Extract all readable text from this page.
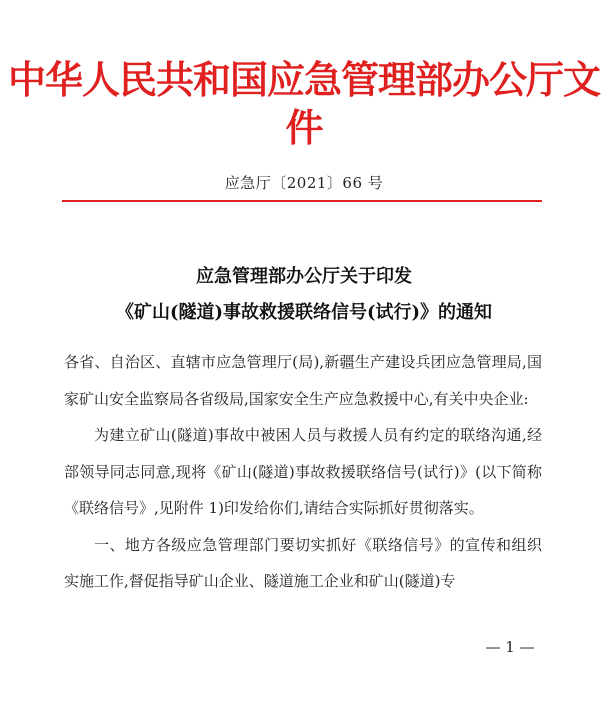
中华人民共和国应急管理部办公厅文件
应急厅〔2021〕66 号
应急管理部办公厅关于印发
《矿山(隧道)事故救援联络信号(试行)》的通知

各省、自治区、直辖市应急管理厅(局),新疆生产建设兵团应急管理局,国家矿山安全监察局各省级局,国家安全生产应急救援中心,有关中央企业:

为建立矿山(隧道)事故中被困人员与救援人员有约定的联络沟通,经部领导同志同意,现将《矿山(隧道)事故救援联络信号(试行)》(以下简称《联络信号》,见附件 1)印发给你们,请结合实际抓好贯彻落实。

一、地方各级应急管理部门要切实抓好《联络信号》的宣传和组织实施工作,督促指导矿山企业、隧道施工企业和矿山(隧道)专

— 1 —
